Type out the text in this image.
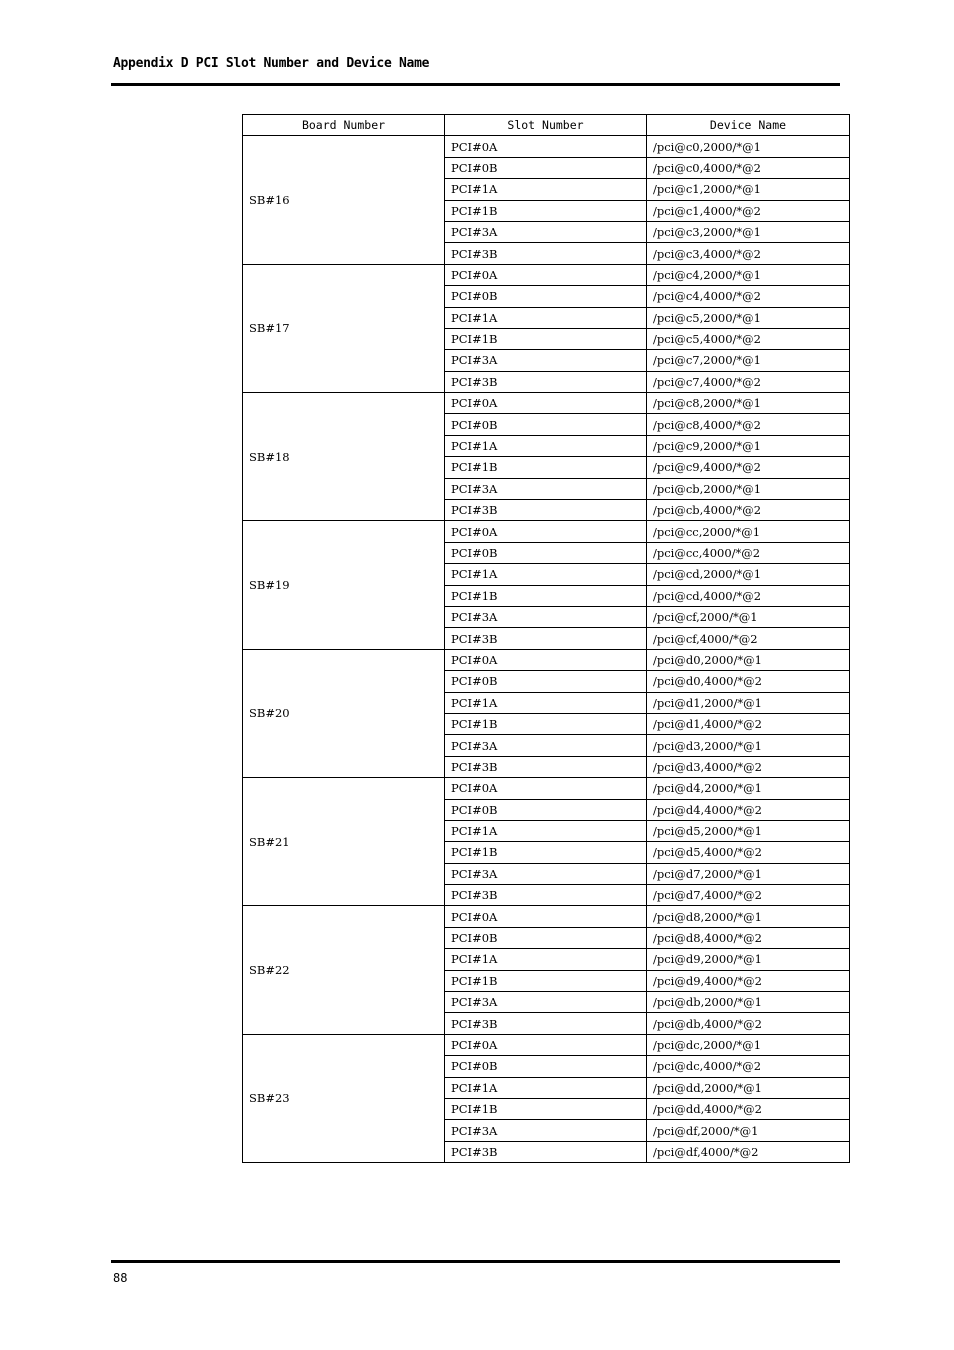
Appendix D PCI Slot Number and Device Name
Board Number	Slot Number	Device Name
SB#16	PCI#0A	/pci@c0,2000/*@1
	PCI#0B	/pci@c0,4000/*@2
	PCI#1A	/pci@c1,2000/*@1
	PCI#1B	/pci@c1,4000/*@2
	PCI#3A	/pci@c3,2000/*@1
	PCI#3B	/pci@c3,4000/*@2
SB#17	PCI#0A	/pci@c4,2000/*@1
	PCI#0B	/pci@c4,4000/*@2
	PCI#1A	/pci@c5,2000/*@1
	PCI#1B	/pci@c5,4000/*@2
	PCI#3A	/pci@c7,2000/*@1
	PCI#3B	/pci@c7,4000/*@2
SB#18	PCI#0A	/pci@c8,2000/*@1
	PCI#0B	/pci@c8,4000/*@2
	PCI#1A	/pci@c9,2000/*@1
	PCI#1B	/pci@c9,4000/*@2
	PCI#3A	/pci@cb,2000/*@1
	PCI#3B	/pci@cb,4000/*@2
SB#19	PCI#0A	/pci@cc,2000/*@1
	PCI#0B	/pci@cc,4000/*@2
	PCI#1A	/pci@cd,2000/*@1
	PCI#1B	/pci@cd,4000/*@2
	PCI#3A	/pci@cf,2000/*@1
	PCI#3B	/pci@cf,4000/*@2
SB#20	PCI#0A	/pci@d0,2000/*@1
	PCI#0B	/pci@d0,4000/*@2
	PCI#1A	/pci@d1,2000/*@1
	PCI#1B	/pci@d1,4000/*@2
	PCI#3A	/pci@d3,2000/*@1
	PCI#3B	/pci@d3,4000/*@2
SB#21	PCI#0A	/pci@d4,2000/*@1
	PCI#0B	/pci@d4,4000/*@2
	PCI#1A	/pci@d5,2000/*@1
	PCI#1B	/pci@d5,4000/*@2
	PCI#3A	/pci@d7,2000/*@1
	PCI#3B	/pci@d7,4000/*@2
SB#22	PCI#0A	/pci@d8,2000/*@1
	PCI#0B	/pci@d8,4000/*@2
	PCI#1A	/pci@d9,2000/*@1
	PCI#1B	/pci@d9,4000/*@2
	PCI#3A	/pci@db,2000/*@1
	PCI#3B	/pci@db,4000/*@2
SB#23	PCI#0A	/pci@dc,2000/*@1
	PCI#0B	/pci@dc,4000/*@2
	PCI#1A	/pci@dd,2000/*@1
	PCI#1B	/pci@dd,4000/*@2
	PCI#3A	/pci@df,2000/*@1
	PCI#3B	/pci@df,4000/*@2
88
